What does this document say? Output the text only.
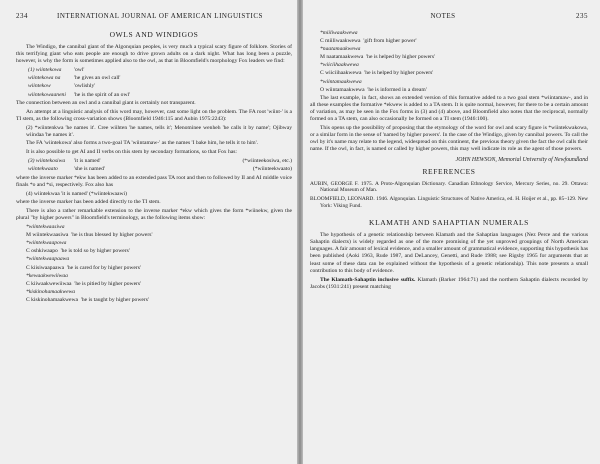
234	INTERNATIONAL JOURNAL OF AMERICAN LINGUISTICS
OWLS AND WINDIGOS

The Windigo, the cannibal giant of the Algonquian peoples, is very much a typical scary figure of folklore. Stories of this terrifying giant who eats people are enough to drive grown adults on a dark night. What has long been a puzzle, however, is why the form is sometimes applied also to the owl, as that in Bloomfield's morphology Fox leaders we find:

(1) wiintekowa	'owl'
wiintekowa na	'he gives an owl call'
wiintekow	'owlishly'
wiintekowaaneni	'he is the spirit of an owl'

The connection between an owl and a cannibal giant is certainly not transparent.

An attempt at a linguistic analysis of this word may, however, cast some light on the problem. The FA root 'wiint-' is a TI stem, as the following cross-variation shows (Bloomfield 1946:115 and Aubin 1975:2243):

(2) *wiintenkwa 'he names it'. Cree wiihten 'he names, tells it'; Menominee wenheh 'he calls it by name'; Ojibway wiindaa 'he names it'.

The FA 'wiintekowa' also forms a two-goal TA 'wiintamaw-' as the names 'I bake him, he tells it to him'.

It is also possible to get AI and II verbs on this stem by secondary formations, so that Fox has:

(3) wiintekosiwa	'it is named'	(*wiinteekosiwa, etc.)
wiintekwaato	'she is named'	(*wiinteekwaato)

where the inverse marker *ekw has been added to an extended pass TA root and then to followed by II and AI middle voice finals *o and *si, respectively. Fox also has

(4) wiintekwaa 'it is named' (*wiintekwaawi)

where the inverse marker has been added directly to the TI stem.

There is also a rather remarkable extension to the inverse marker *ekw which gives the form *wiinekw, given the plural "by higher powers" in Bloomfield's terminology, as the following items show:

*wiintekwaasiwa
M wiintekwaasiwa 'he is thus blessed by higher powers'
*wiintekwaapowa
C oshkiwaapo 'he is told so by higher powers'
*wiintekwaapaawa
C kiisiwaapaawa 'he is cared for by higher powers'
*kewaakwewiiwaa
C kiiwaakwewiiwaa 'he is pitied by higher powers'
*kiskinohamaakwewa
C kiskinohamaakwewa 'he is taught by higher powers'
NOTES	235
*miiliwaakwewa
C miiliwaakwewa 'gift from higher power'
*naatamaakwewa
M naatamaakwewa 'he is helped by higher powers'
*wiiciihaakwewa
C wiiciihaakwewa 'he is helped by higher powers'
*wiintamaakwewa
O wiintamaakwewa 'he is informed in a dream'

The last example, in fact, shows an extended version of this formative added to a two goal stem *wiintamaw-, and in all these examples the formative *ekwew is added to a TA stem. It is quite normal, however, for there to be a certain amount of variation, as may be seen in the Fox forms in (3) and (4) above, and Bloomfield also notes that the reciprocal, normally formed on a TA stem, can also occasionally be formed on a TI stem (1946:100).

This opens up the possibility of proposing that the etymology of the word for owl and scary figure is *wiintekwakowa, or a similar form in the sense of 'named by higher powers'. In the case of the Windigo, given by cannibal powers. To call the owl by it's name may relate to the legend, widespread on this continent, the previous theory given the fact the owl calls their name. If the owl, in fact, is named or called by higher powers, this may well indicate its role as the agent of those powers.

JOHN HEWSON, Memorial University of Newfoundland
REFERENCES
AUBIN, GEORGE F. 1975. A Proto-Algonquian Dictionary. Canadian Ethnology Service, Mercury Series, no. 29. Ottawa: National Museum of Man.
BLOOMFIELD, LEONARD. 1946. Algonquian. Linguistic Structures of Native America, ed. H. Hoijer et al., pp. 85–129. New York: Viking Fund.
KLAMATH AND SAHAPTIAN NUMERALS

The hypothesis of a genetic relationship between Klamath and the Sahaptian languages (Nez Perce and the various Sahaptin dialects) is widely regarded as one of the more promising of the yet unproved groupings of North American languages. A fair amount of lexical evidence, and a smaller amount of grammatical evidence, supporting this hypothesis has been published (Aoki 1963, Rude 1987, and DeLancey, Genetti, and Rude 1988; see Rigsby 1965 for arguments that at least some of these data can be explained without the hypothesis of a genetic relationship). This note presents a small contribution to this body of evidence.

The Klamath-Sahaptin inclusive suffix. Klamath (Barker 1964:71) and the northern Sahaptin dialects recorded by Jacobs (1931:241) present matching
